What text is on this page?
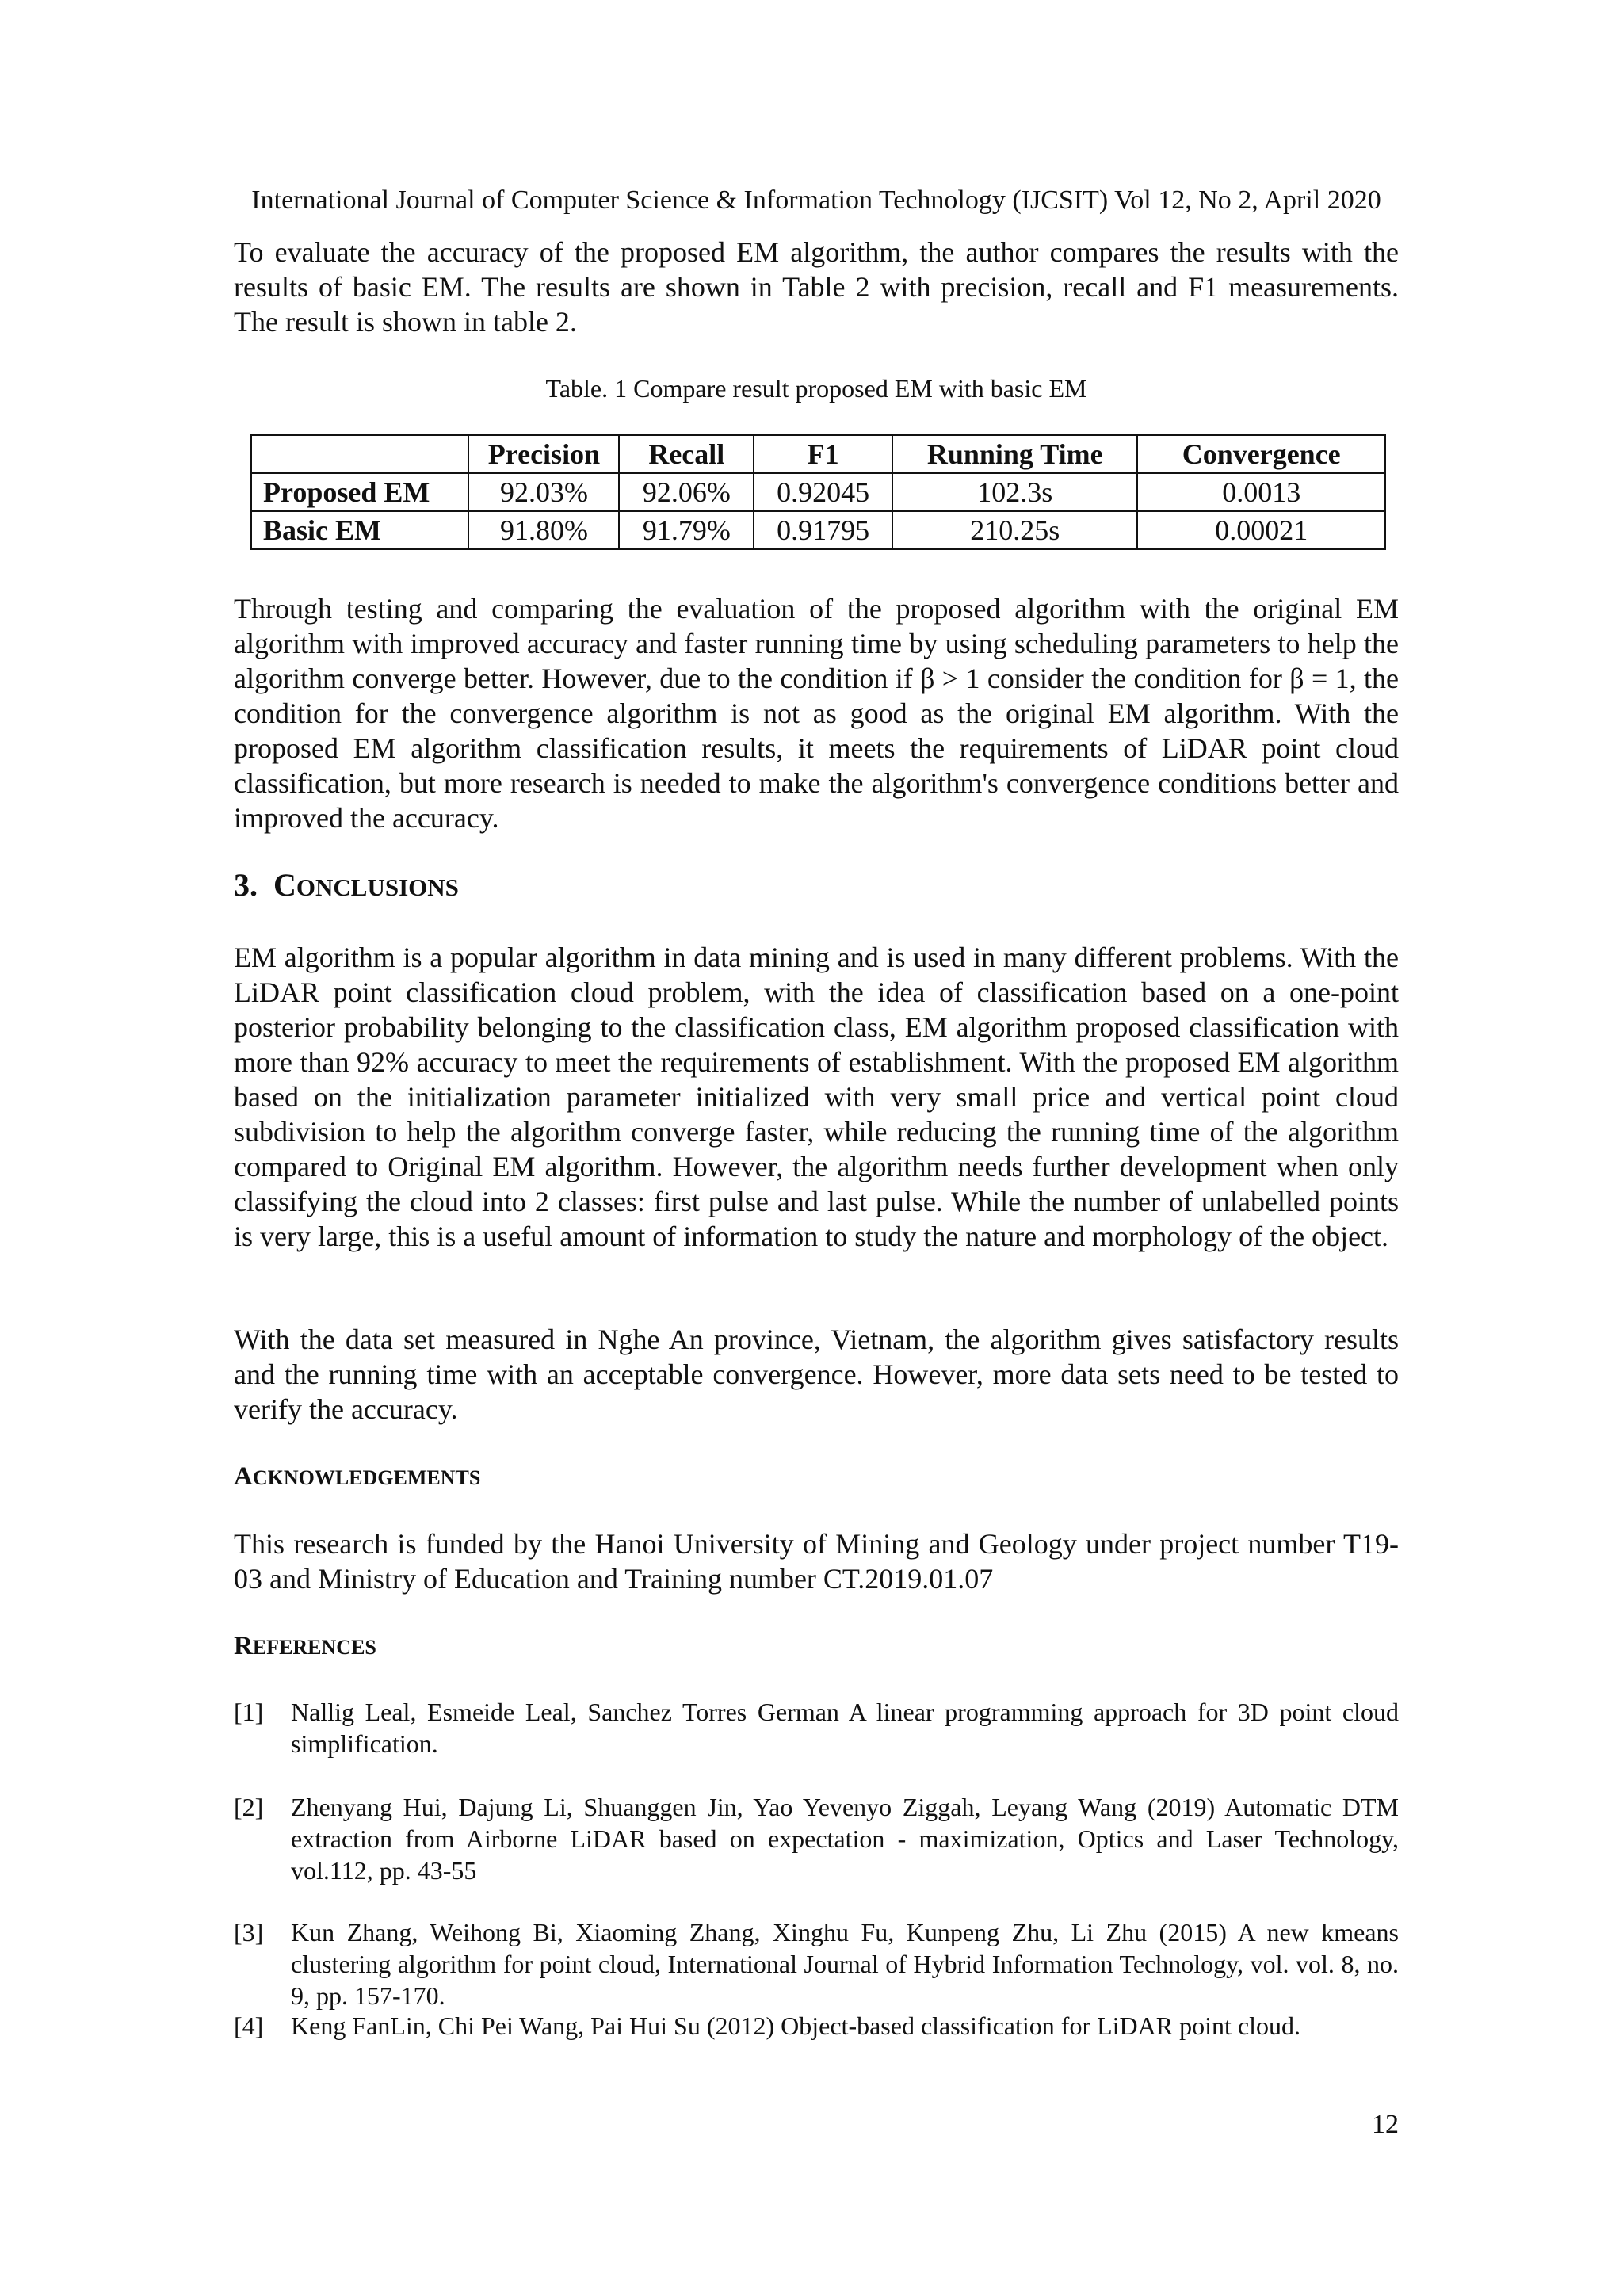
International Journal of Computer Science & Information Technology (IJCSIT) Vol 12, No 2, April 2020

To evaluate the accuracy of the proposed EM algorithm, the author compares the results with the results of basic EM. The results are shown in Table 2 with precision, recall and F1 measurements. The result is shown in table 2.

Table. 1 Compare result proposed EM with basic EM
	Precision	Recall	F1	Running Time	Convergence
Proposed EM	92.03%	92.06%	0.92045	102.3s	0.0013
Basic EM	91.80%	91.79%	0.91795	210.25s	0.00021

Through testing and comparing the evaluation of the proposed algorithm with the original EM algorithm with improved accuracy and faster running time by using scheduling parameters to help the algorithm converge better. However, due to the condition if β > 1 consider the condition for β = 1, the condition for the convergence algorithm is not as good as the original EM algorithm. With the proposed EM algorithm classification results, it meets the requirements of LiDAR point cloud classification, but more research is needed to make the algorithm's convergence conditions better and improved the accuracy.

3. CONCLUSIONS

EM algorithm is a popular algorithm in data mining and is used in many different problems. With the LiDAR point classification cloud problem, with the idea of classification based on a one-point posterior probability belonging to the classification class, EM algorithm proposed classification with more than 92% accuracy to meet the requirements of establishment. With the proposed EM algorithm based on the initialization parameter initialized with very small price and vertical point cloud subdivision to help the algorithm converge faster, while reducing the running time of the algorithm compared to Original EM algorithm. However, the algorithm needs further development when only classifying the cloud into 2 classes: first pulse and last pulse. While the number of unlabelled points is very large, this is a useful amount of information to study the nature and morphology of the object.

With the data set measured in Nghe An province, Vietnam, the algorithm gives satisfactory results and the running time with an acceptable convergence. However, more data sets need to be tested to verify the accuracy.

ACKNOWLEDGEMENTS

This research is funded by the Hanoi University of Mining and Geology under project number T19-03 and Ministry of Education and Training number CT.2019.01.07

REFERENCES
[1] Nallig Leal, Esmeide Leal, Sanchez Torres German A linear programming approach for 3D point cloud simplification.
[2] Zhenyang Hui, Dajung Li, Shuanggen Jin, Yao Yevenyo Ziggah, Leyang Wang (2019) Automatic DTM extraction from Airborne LiDAR based on expectation - maximization, Optics and Laser Technology, vol.112, pp. 43-55
[3] Kun Zhang, Weihong Bi, Xiaoming Zhang, Xinghu Fu, Kunpeng Zhu, Li Zhu (2015) A new kmeans clustering algorithm for point cloud, International Journal of Hybrid Information Technology, vol. vol. 8, no. 9, pp. 157-170.
[4] Keng FanLin, Chi Pei Wang, Pai Hui Su (2012) Object-based classification for LiDAR point cloud.
12
